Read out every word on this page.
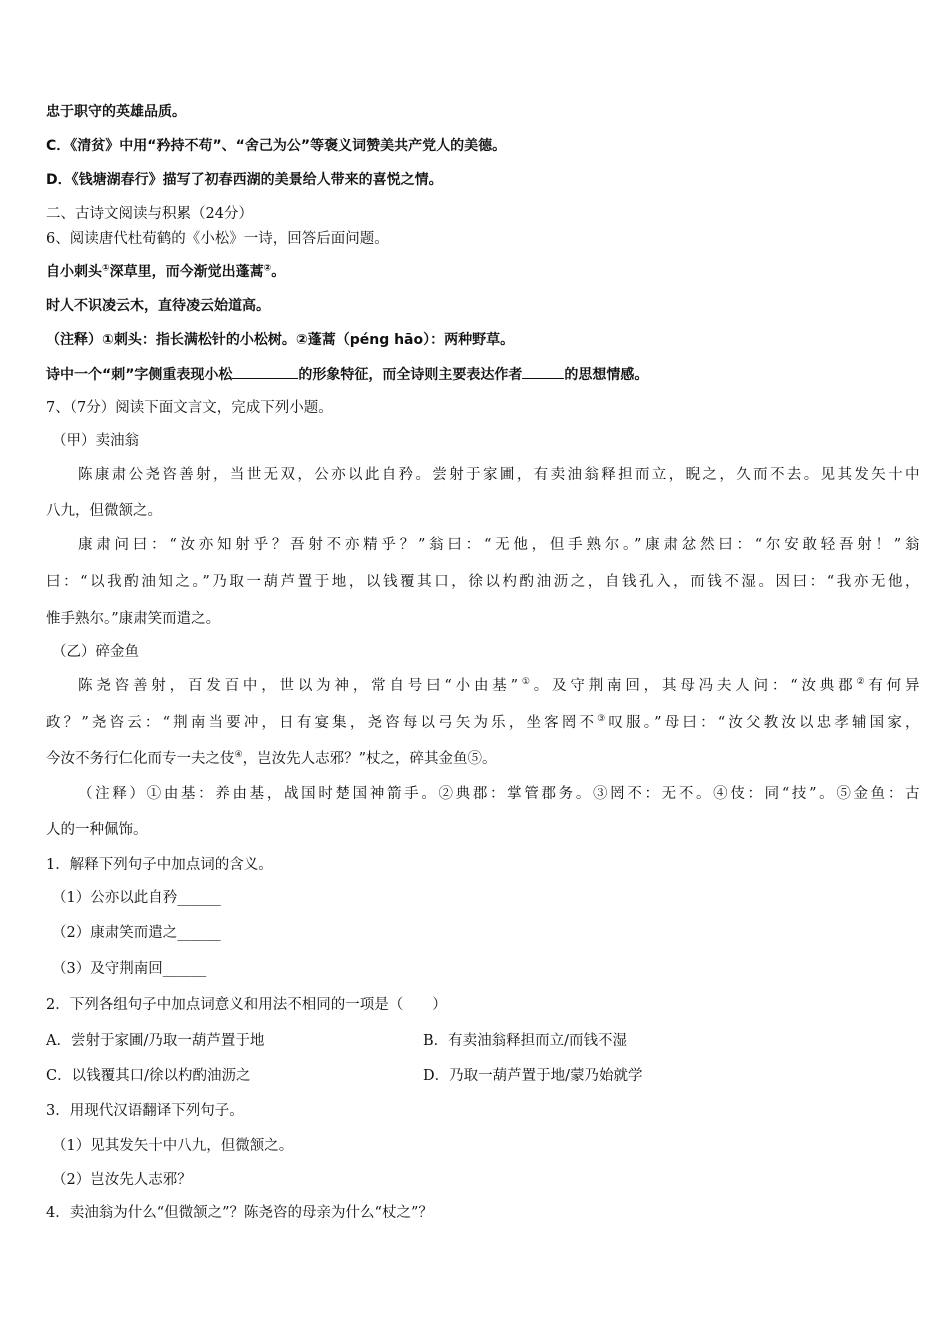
忠于职守的英雄品质。
C．《清贫》中用“矜持不苟”、“舍己为公”等褒义词赞美共产党人的美德。
D．《钱塘湖春行》描写了初春西湖的美景给人带来的喜悦之情。
二、古诗文阅读与积累（24分）
6、阅读唐代杜荀鹤的《小松》一诗，回答后面问题。
自小刺头①深草里，而今渐觉出蓬蒿②。
时人不识凌云木，直待凌云始道高。
（注释）①刺头：指长满松针的小松树。②蓬蒿（péng hāo）：两种野草。
诗中一个“刺”字侧重表现小松	的形象特征，而全诗则主要表达作者	的思想情感。
7、（7分）阅读下面文言文，完成下列小题。
（甲）卖油翁
陈康肃公尧咨善射，当世无双，公亦以此自矜。尝射于家圃，有卖油翁释担而立，睨之，久而不去。见其发矢十中
八九，但微颔之。
康肃问曰：“汝亦知射乎？吾射不亦精乎？”翁曰：“无他，但手熟尔。”康肃忿然曰：“尔安敢轻吾射！”翁
曰：“以我酌油知之。”乃取一葫芦置于地，以钱覆其口，徐以杓酌油沥之，自钱孔入，而钱不湿。因曰：“我亦无他，
惟手熟尔。”康肃笑而遣之。
（乙）碎金鱼
陈尧咨善射，百发百中，世以为神，常自号曰“小由基”①。及守荆南回，其母冯夫人问：“汝典郡②有何异
政？”尧咨云：“荆南当要冲，日有宴集，尧咨每以弓矢为乐，坐客罔不③叹服。”母曰：“汝父教汝以忠孝辅国家，
今汝不务行仁化而专一夫之伎④，岂汝先人志邪？”杖之，碎其金鱼⑤。
（注释）①由基：养由基，战国时楚国神箭手。②典郡：掌管郡务。③罔不：无不。④伎：同“技”。⑤金鱼：古
人的一种佩饰。
1．解释下列句子中加点词的含义。
（1）公亦以此自矜______
（2）康肃笑而遣之______
（3）及守荆南回______
2．下列各组句子中加点词意义和用法不相同的一项是（　　）
A．尝射于家圃/乃取一葫芦置于地	B．有卖油翁释担而立/而钱不湿
C．以钱覆其口/徐以杓酌油沥之	D．乃取一葫芦置于地/蒙乃始就学
3．用现代汉语翻译下列句子。
（1）见其发矢十中八九，但微颔之。
（2）岂汝先人志邪？
4．卖油翁为什么“但微颔之”？陈尧咨的母亲为什么“杖之”？
